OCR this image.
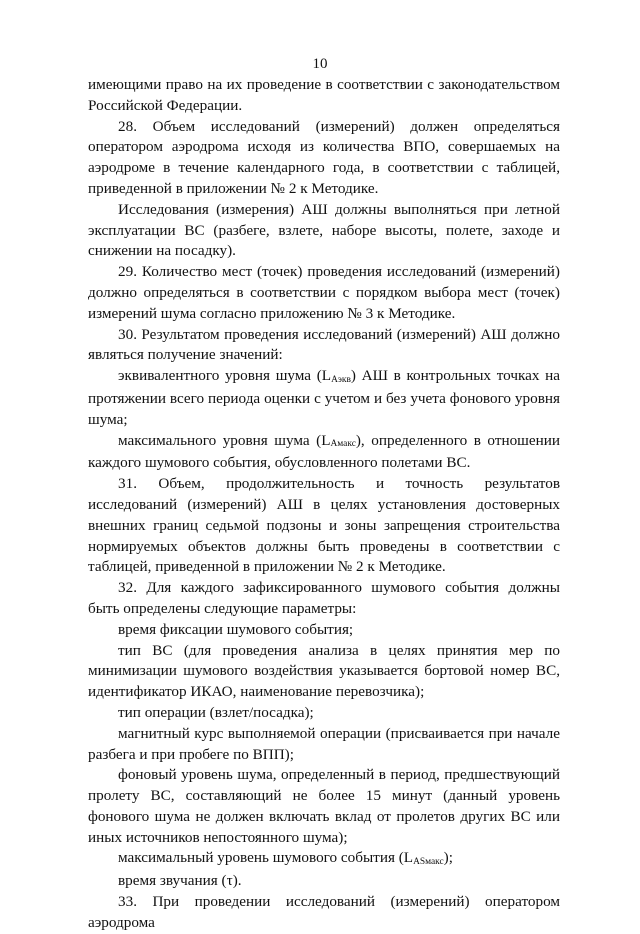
10

имеющими право на их проведение в соответствии с законодательством Российской Федерации.

28. Объем исследований (измерений) должен определяться оператором аэродрома исходя из количества ВПО, совершаемых на аэродроме в течение календарного года, в соответствии с таблицей, приведенной в приложении № 2 к Методике.

Исследования (измерения) АШ должны выполняться при летной эксплуатации ВС (разбеге, взлете, наборе высоты, полете, заходе и снижении на посадку).

29. Количество мест (точек) проведения исследований (измерений) должно определяться в соответствии с порядком выбора мест (точек) измерений шума согласно приложению № 3 к Методике.

30. Результатом проведения исследований (измерений) АШ должно являться получение значений:

эквивалентного уровня шума $(L_{Аэкв})$ АШ в контрольных точках на протяжении всего периода оценки с учетом и без учета фонового уровня шума;

максимального уровня шума $(L_{Амакс})$, определенного в отношении каждого шумового события, обусловленного полетами ВС.

31. Объем, продолжительность и точность результатов исследований (измерений) АШ в целях установления достоверных внешних границ седьмой подзоны и зоны запрещения строительства нормируемых объектов должны быть проведены в соответствии с таблицей, приведенной в приложении № 2 к Методике.

32. Для каждого зафиксированного шумового события должны быть определены следующие параметры:

время фиксации шумового события;

тип ВС (для проведения анализа в целях принятия мер по минимизации шумового воздействия указывается бортовой номер ВС, идентификатор ИКАО, наименование перевозчика);

тип операции (взлет/посадка);

магнитный курс выполняемой операции (присваивается при начале разбега и при пробеге по ВПП);

фоновый уровень шума, определенный в период, предшествующий пролету ВС, составляющий не более 15 минут (данный уровень фонового шума не должен включать вклад от пролетов других ВС или иных источников непостоянного шума);

максимальный уровень шумового события $(L_{ASмакс})$;

время звучания (τ).

33. При проведении исследований (измерений) оператором аэродрома
